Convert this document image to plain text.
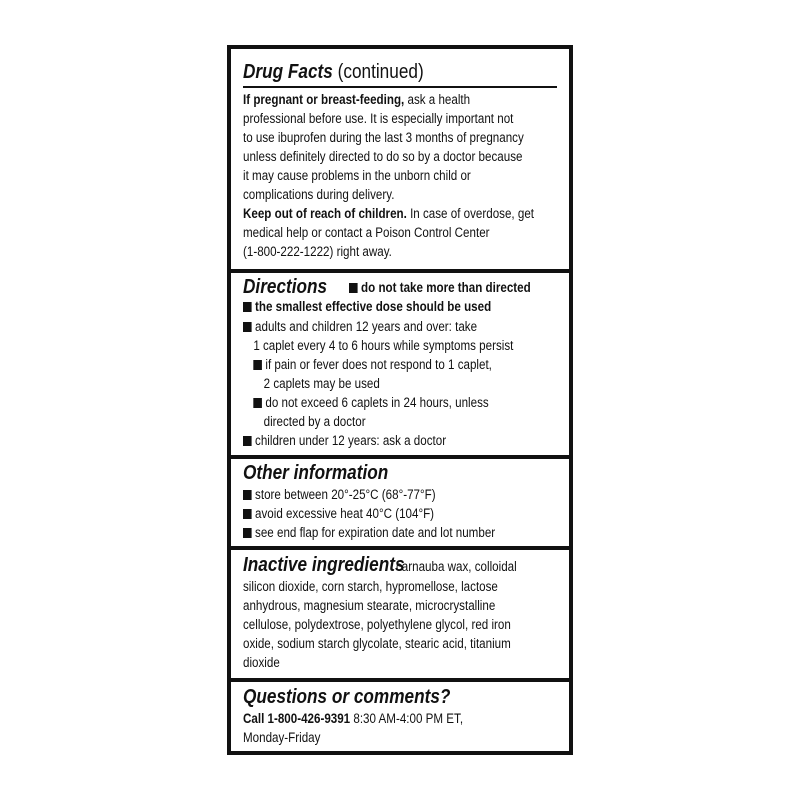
Drug Facts (continued)
If pregnant or breast-feeding, ask a health
professional before use. It is especially important not
to use ibuprofen during the last 3 months of pregnancy
unless definitely directed to do so by a doctor because
it may cause problems in the unborn child or
complications during delivery.
Keep out of reach of children. In case of overdose, get
medical help or contact a Poison Control Center
(1-800-222-1222) right away.
Directions	do not take more than directed
the smallest effective dose should be used
adults and children 12 years and over: take
1 caplet every 4 to 6 hours while symptoms persist
if pain or fever does not respond to 1 caplet,
2 caplets may be used
do not exceed 6 caplets in 24 hours, unless
directed by a doctor
children under 12 years: ask a doctor
Other information
store between 20°-25°C (68°-77°F)
avoid excessive heat 40°C (104°F)
see end flap for expiration date and lot number
Inactive ingredients
carnauba wax, colloidal
silicon dioxide, corn starch, hypromellose, lactose
anhydrous, magnesium stearate, microcrystalline
cellulose, polydextrose, polyethylene glycol, red iron
oxide, sodium starch glycolate, stearic acid, titanium
dioxide
Questions or comments?
Call 1-800-426-9391 8:30 AM-4:00 PM ET,
Monday-Friday
